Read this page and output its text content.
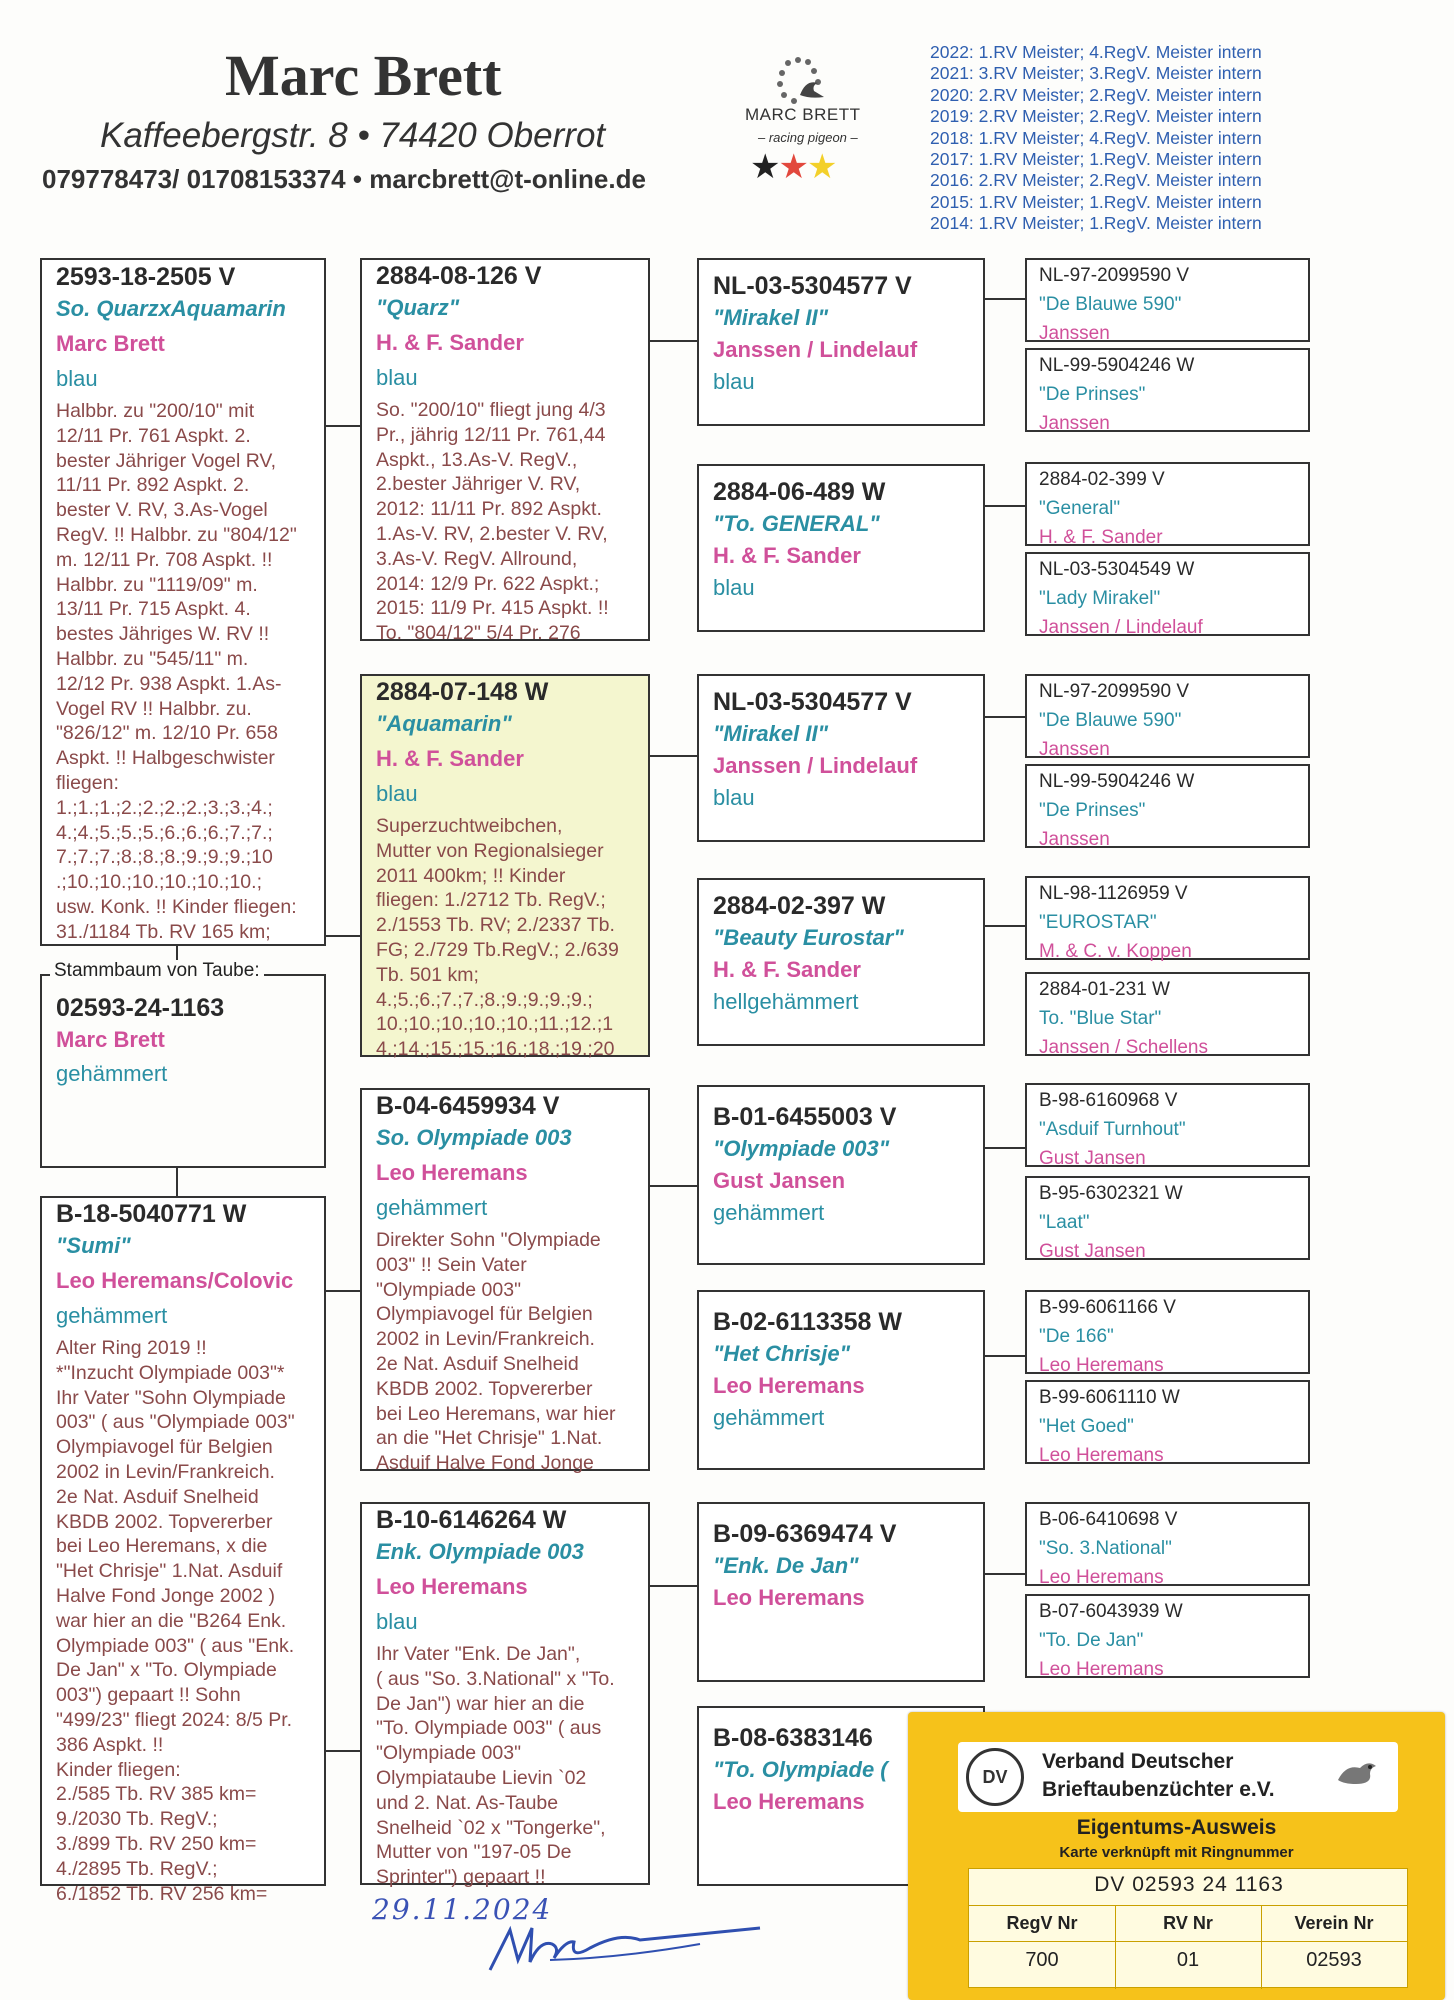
Marc Brett
Kaffeebergstr. 8 • 74420 Oberrot
079778473/ 01708153374 • marcbrett@t-online.de
MARC BRETT
– racing pigeon –
★★★
2022: 1.RV Meister; 4.RegV. Meister intern
2021: 3.RV Meister; 3.RegV. Meister intern
2020: 2.RV Meister; 2.RegV. Meister intern
2019: 2.RV Meister; 2.RegV. Meister intern
2018: 1.RV Meister; 4.RegV. Meister intern
2017: 1.RV Meister; 1.RegV. Meister intern
2016: 2.RV Meister; 2.RegV. Meister intern
2015: 1.RV Meister; 1.RegV. Meister intern
2014: 1.RV Meister; 1.RegV. Meister intern
2593-18-2505 V
So. QuarzxAquamarin
Marc Brett
blau
Halbbr. zu "200/10" mit
12/11 Pr. 761 Aspkt. 2.
bester Jähriger Vogel RV,
11/11 Pr. 892 Aspkt. 2.
bester V. RV, 3.As-Vogel
RegV. !! Halbbr. zu "804/12"
m. 12/11 Pr. 708 Aspkt. !!
Halbbr. zu "1119/09" m.
13/11 Pr. 715 Aspkt. 4.
bestes Jähriges W. RV !!
Halbbr. zu "545/11" m.
12/12 Pr. 938 Aspkt. 1.As-
Vogel RV !! Halbbr. zu.
"826/12" m. 12/10 Pr. 658
Aspkt. !! Halbgeschwister
fliegen:
1.;1.;1.;2.;2.;2.;2.;3.;3.;4.;
4.;4.;5.;5.;5.;6.;6.;6.;7.;7.;
7.;7.;7.;8.;8.;8.;9.;9.;9.;10
.;10.;10.;10.;10.;10.;10.;
usw. Konk. !! Kinder fliegen:
31./1184 Tb. RV 165 km;
Stammbaum von Taube:
02593-24-1163
Marc Brett
gehämmert
B-18-5040771 W
"Sumi"
Leo Heremans/Colovic
gehämmert
Alter Ring 2019 !!
*"Inzucht Olympiade 003"*
Ihr Vater "Sohn Olympiade
003" ( aus "Olympiade 003"
Olympiavogel für Belgien
2002 in Levin/Frankreich.
2e Nat. Asduif Snelheid
KBDB 2002. Topvererber
bei Leo Heremans, x die
"Het Chrisje" 1.Nat. Asduif
Halve Fond Jonge 2002 )
war hier an die "B264 Enk.
Olympiade 003" ( aus "Enk.
De Jan" x "To. Olympiade
003") gepaart !! Sohn
"499/23" fliegt 2024: 8/5 Pr.
386 Aspkt. !!
Kinder fliegen:
2./585 Tb. RV 385 km=
9./2030 Tb. RegV.;
3./899 Tb. RV 250 km=
4./2895 Tb. RegV.;
6./1852 Tb. RV 256 km=
2884-08-126 V
"Quarz"
H. & F. Sander
blau
So. "200/10" fliegt jung 4/3
Pr., jährig 12/11 Pr. 761,44
Aspkt., 13.As-V. RegV.,
2.bester Jähriger V. RV,
2012: 11/11 Pr. 892 Aspkt.
1.As-V. RV, 2.bester V. RV,
3.As-V. RegV. Allround,
2014: 12/9 Pr. 622 Aspkt.;
2015: 11/9 Pr. 415 Aspkt. !!
To. "804/12" 5/4 Pr. 276
2884-07-148 W
"Aquamarin"
H. & F. Sander
blau
Superzuchtweibchen,
Mutter von Regionalsieger
2011 400km; !! Kinder
fliegen: 1./2712 Tb. RegV.;
2./1553 Tb. RV; 2./2337 Tb.
FG; 2./729 Tb.RegV.; 2./639
Tb. 501 km;
4.;5.;6.;7.;7.;8.;9.;9.;9.;9.;
10.;10.;10.;10.;10.;11.;12.;1
4.;14.;15.;15.;16.;18.;19.;20
B-04-6459934 V
So. Olympiade 003
Leo Heremans
gehämmert
Direkter Sohn "Olympiade
003" !! Sein Vater
"Olympiade 003"
Olympiavogel für Belgien
2002 in Levin/Frankreich.
2e Nat. Asduif Snelheid
KBDB 2002. Topvererber
bei Leo Heremans, war hier
an die "Het Chrisje" 1.Nat.
Asduif Halve Fond Jonge
B-10-6146264 W
Enk. Olympiade 003
Leo Heremans
blau
Ihr Vater "Enk. De Jan",
( aus "So. 3.National" x "To.
De Jan") war hier an die
"To. Olympiade 003" ( aus
"Olympiade 003"
Olympiataube Lievin `02
und 2. Nat. As-Taube
Snelheid `02 x "Tongerke",
Mutter von "197-05 De
Sprinter") gepaart !!
NL-03-5304577 V
"Mirakel II"
Janssen / Lindelauf
blau
2884-06-489 W
"To. GENERAL"
H. & F. Sander
blau
NL-03-5304577 V
"Mirakel II"
Janssen / Lindelauf
blau
2884-02-397 W
"Beauty Eurostar"
H. & F. Sander
hellgehämmert
B-01-6455003 V
"Olympiade 003"
Gust Jansen
gehämmert
B-02-6113358 W
"Het Chrisje"
Leo Heremans
gehämmert
B-09-6369474 V
"Enk. De Jan"
Leo Heremans
B-08-6383146
"To. Olympiade (
Leo Heremans
NL-97-2099590 V
"De Blauwe 590"
Janssen
NL-99-5904246 W
"De Prinses"
Janssen
2884-02-399 V
"General"
H. & F. Sander
NL-03-5304549 W
"Lady Mirakel"
Janssen / Lindelauf
NL-97-2099590 V
"De Blauwe 590"
Janssen
NL-99-5904246 W
"De Prinses"
Janssen
NL-98-1126959 V
"EUROSTAR"
M. & C. v. Koppen
2884-01-231 W
To. "Blue Star"
Janssen / Schellens
B-98-6160968 V
"Asduif Turnhout"
Gust Jansen
B-95-6302321 W
"Laat"
Gust Jansen
B-99-6061166 V
"De 166"
Leo Heremans
B-99-6061110 W
"Het Goed"
Leo Heremans
B-06-6410698 V
"So. 3.National"
Leo Heremans
B-07-6043939 W
"To. De Jan"
Leo Heremans
29.11.2024
DV
Verband Deutscher
Brieftaubenzüchter e.V.
Eigentums-Ausweis
Karte verknüpft mit Ringnummer
DV 02593 24 1163
RegV Nr	RV Nr	Verein Nr
700	01	02593
